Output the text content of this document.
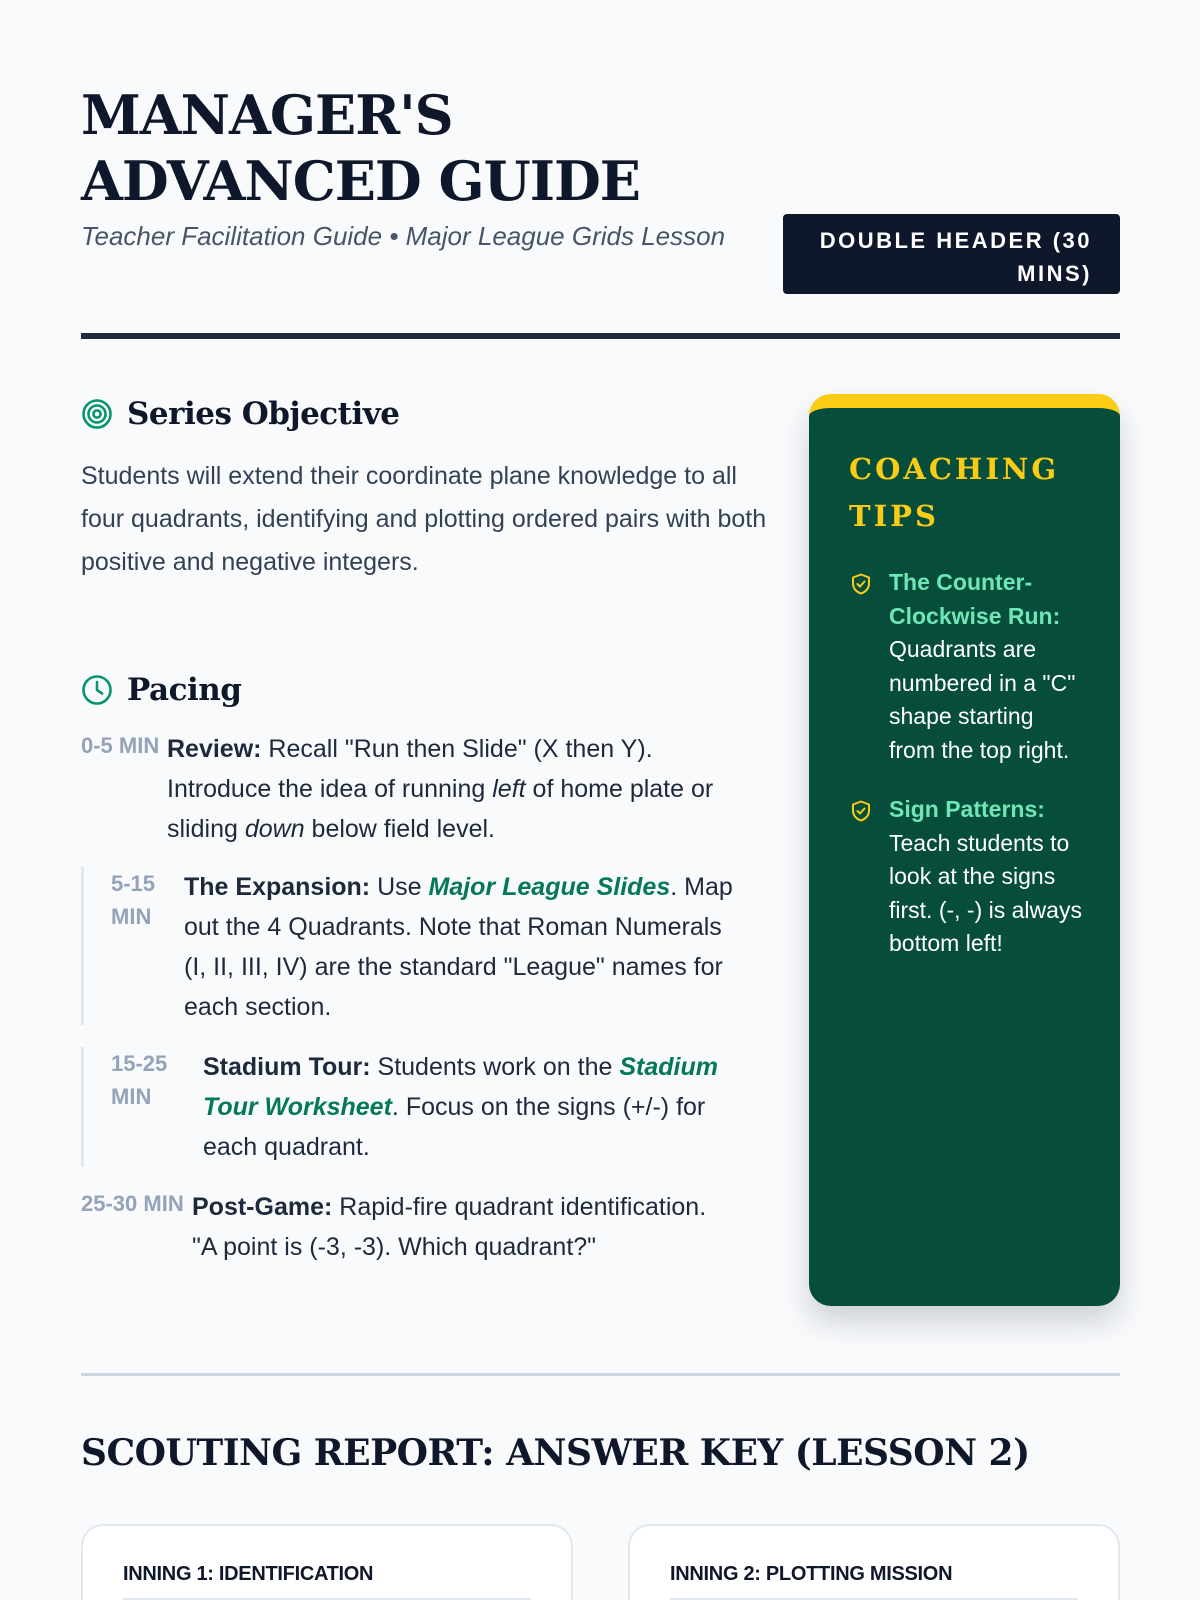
MANAGER'S ADVANCED GUIDE
Teacher Facilitation Guide • Major League Grids Lesson	DOUBLE HEADER (30 MINS)
Series Objective

Students will extend their coordinate plane knowledge to all four quadrants, identifying and plotting ordered pairs with both positive and negative integers.

Pacing
0-5 MIN Review: Recall "Run then Slide" (X then Y). Introduce the idea of running left of home plate or sliding down below field level.
5-15 MIN
The Expansion: Use Major League Slides. Map out the 4 Quadrants. Note that Roman Numerals (I, II, III, IV) are the standard "League" names for each section.
15-25 MIN
Stadium Tour: Students work on the Stadium Tour Worksheet. Focus on the signs (+/-) for each quadrant.
25-30 MIN Post-Game: Rapid-fire quadrant identification. "A point is (-3, -3). Which quadrant?"
COACHING TIPS
The Counter-Clockwise Run: Quadrants are numbered in a "C" shape starting from the top right.
Sign Patterns: Teach students to look at the signs first. (-, -) is always bottom left!
SCOUTING REPORT: ANSWER KEY (LESSON 2)
INNING 1: IDENTIFICATION	INNING 2: PLOTTING MISSION
